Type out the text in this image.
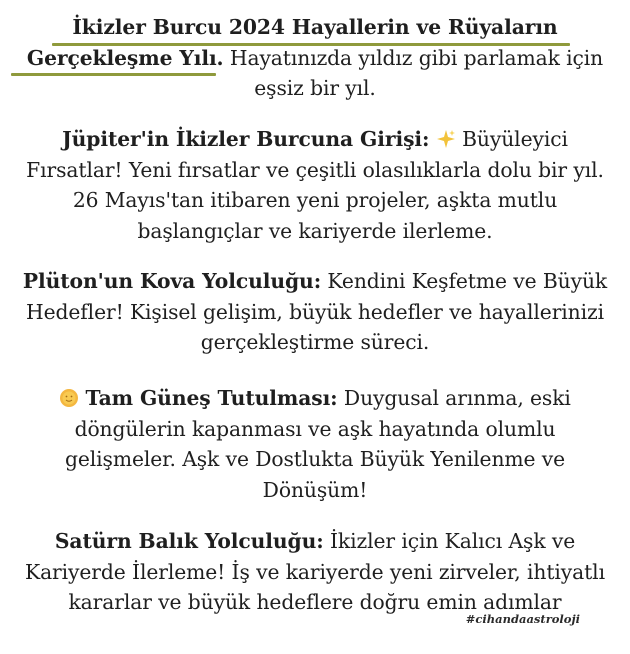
İkizler Burcu 2024 Hayallerin ve Rüyaların
Gerçekleşme Yılı. Hayatınızda yıldız gibi parlamak için
eşsiz bir yıl.
Jüpiter'in İkizler Burcuna Girişi:  Büyüleyici
Fırsatlar! Yeni fırsatlar ve çeşitli olasılıklarla dolu bir yıl.
26 Mayıs'tan itibaren yeni projeler, aşkta mutlu
başlangıçlar ve kariyerde ilerleme.
Plüton'un Kova Yolculuğu: Kendini Keşfetme ve Büyük
Hedefler! Kişisel gelişim, büyük hedefler ve hayallerinizi
gerçekleştirme süreci.
Tam Güneş Tutulması: Duygusal arınma, eski
döngülerin kapanması ve aşk hayatında olumlu
gelişmeler. Aşk ve Dostlukta Büyük Yenilenme ve
Dönüşüm!
Satürn Balık Yolculuğu: İkizler için Kalıcı Aşk ve
Kariyerde İlerleme! İş ve kariyerde yeni zirveler, ihtiyatlı
kararlar ve büyük hedeflere doğru emin adımlar
#cihandaastroloji
